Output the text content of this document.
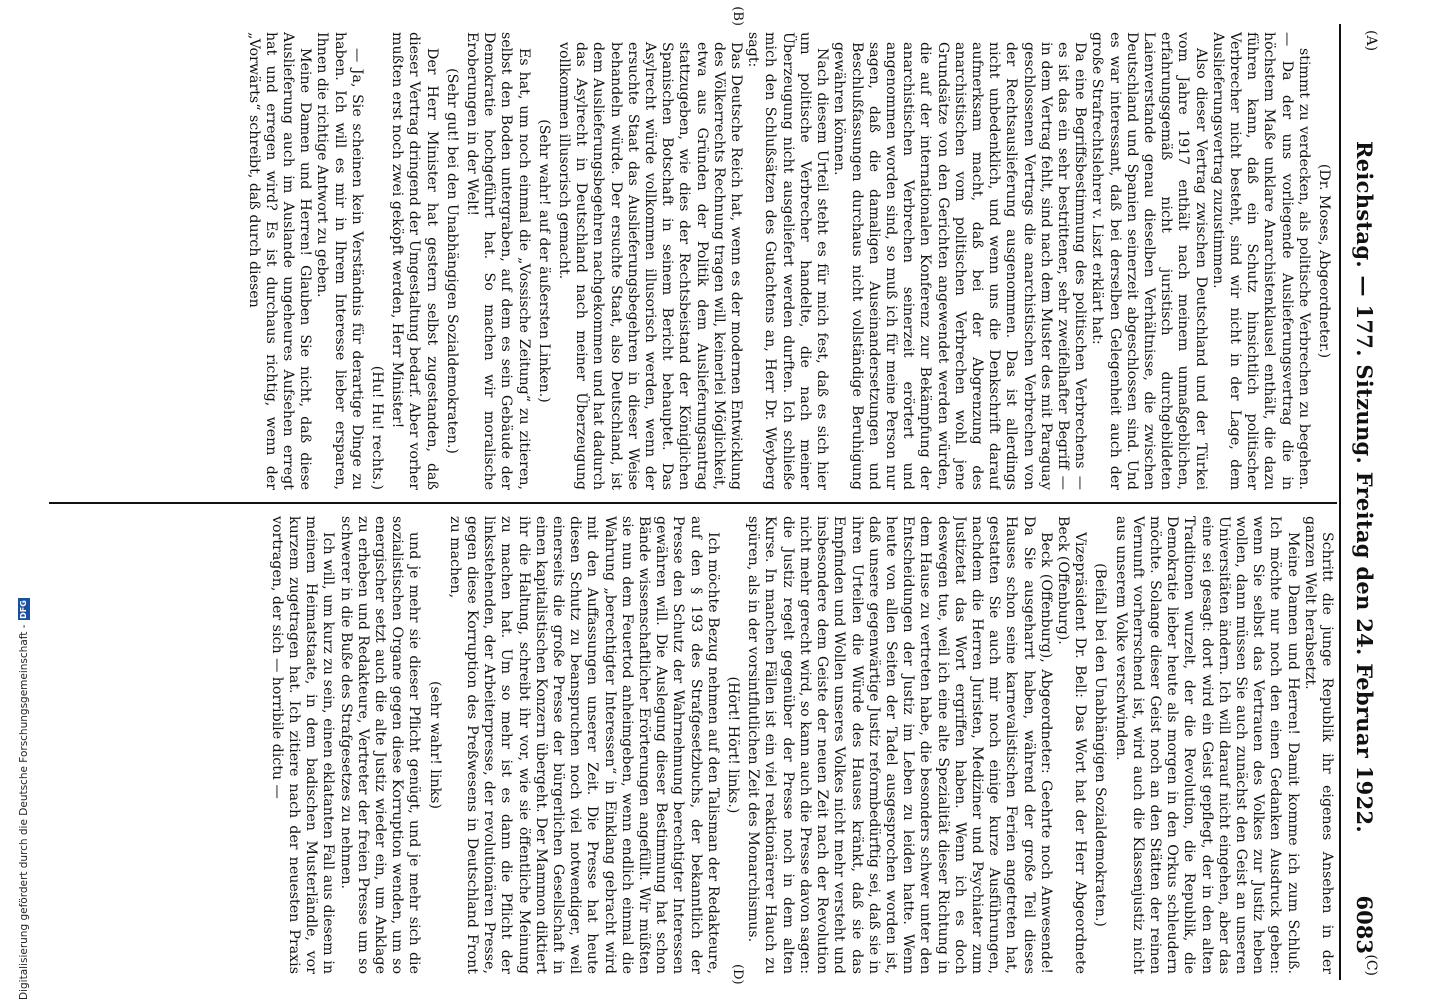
(A)
Reichstag. — 177. Sitzung. Freitag den 24. Februar 1922.
6083
(C)
(B)
(D)
(Dr. Moses, Abgeordneter.)

stimmt zu verdecken, als politische Verbrechen zu begehen. — Da der uns vorliegende Auslieferungsvertrag die in höchstem Maße unklare Anarchistenklausel enthält, die dazu führen kann, daß ein Schutz hinsichtlich politischer Verbrecher nicht besteht, sind wir nicht in der Lage, dem Auslieferungsvertrag zuzustimmen.

Also dieser Vertrag zwischen Deutschland und der Türkei vom Jahre 1917 enthält nach meinem unmaßgeblichen, erfahrungsgemäß nicht juristisch durchgebildeten Laienverstande genau dieselben Verhältnisse, die zwischen Deutschland und Spanien seinerzeit abgeschlossen sind. Und es war interessant, daß bei derselben Gelegenheit auch der große Strafrechtslehrer v. Liszt erklärt hat:

Da eine Begriffsbestimmung des politischen Verbrechens — es ist das ein sehr bestrittener, sehr zweifelhafter Begriff — in dem Vertrag fehlt, sind nach dem Muster des mit Paraguay geschlossenen Vertrags die anarchistischen Verbrechen von der Rechtsauslieferung ausgenommen. Das ist allerdings nicht unbedenklich, und wenn uns die Denkschrift darauf aufmerksam macht, daß bei der Abgrenzung des anarchistischen vom politischen Verbrechen wohl jene Grundsätze von den Gerichten angewendet werden würden, die auf der internationalen Konferenz zur Bekämpfung der anarchistischen Verbrechen seinerzeit erörtert und angenommen worden sind, so muß ich für meine Person nur sagen, daß die damaligen Auseinandersetzungen und Beschlußfassungen durchaus nicht vollständige Beruhigung gewähren können.

Nach diesem Urteil steht es für mich fest, daß es sich hier um politische Verbrecher handelte, die nach meiner Überzeugung nicht ausgeliefert werden durften. Ich schließe mich den Schlußsätzen des Gutachtens an, Herr Dr. Weyberg sagt:

Das Deutsche Reich hat, wenn es der modernen Entwicklung des Völkerrechts Rechnung tragen will, keinerlei Möglichkeit, etwa aus Gründen der Politik dem Auslieferungsantrag stattzugeben, wie dies der Rechtsbeistand der Königlichen Spanischen Botschaft in seinem Bericht behauptet. Das Asylrecht würde vollkommen illusorisch werden, wenn der ersuchte Staat das Auslieferungsbegehren in dieser Weise behandeln würde. Der ersuchte Staat, also Deutschland, ist dem Auslieferungsbegehren nachgekommen und hat dadurch das Asylrecht in Deutschland nach meiner Überzeugung vollkommen illusorisch gemacht.

(Sehr wahr! auf der äußersten Linken.)

Es hat, um noch einmal die „Vossische Zeitung“ zu zitieren, selbst den Boden untergraben, auf dem es sein Gebäude der Demokratie hochgeführt hat. So machen wir moralische Eroberungen in der Welt!

(Sehr gut! bei den Unabhängigen Sozialdemokraten.)

Der Herr Minister hat gestern selbst zugestanden, daß dieser Vertrag dringend der Umgestaltung bedarf. Aber vorher mußten erst noch zwei geköpft werden, Herr Minister!

(Hu! Hu! rechts.)

— Ja, Sie scheinen kein Verständnis für derartige Dinge zu haben. Ich will es mir in Ihrem Interesse lieber ersparen, Ihnen die richtige Antwort zu geben.

Meine Damen und Herren! Glauben Sie nicht, daß diese Auslieferung auch im Auslande ungeheures Aufsehen erregt hat und erregen wird? Es ist durchaus richtig, wenn der „Vorwärts“ schreibt, daß durch diesen

Schritt die junge Republik ihr eigenes Ansehen in der ganzen Welt herabsetzt.

Meine Damen und Herren! Damit komme ich zum Schluß. Ich möchte nur noch den einen Gedanken Ausdruck geben: wenn Sie selbst das Vertrauen des Volkes zur Justiz heben wollen, dann müssen Sie auch zunächst den Geist an unseren Universitäten ändern. Ich will darauf nicht eingehen, aber das eine sei gesagt: dort wird ein Geist gepflegt, der in den alten Traditionen wurzelt, der die Revolution, die Republik, die Demokratie lieber heute als morgen in den Orkus schleudern möchte. Solange dieser Geist noch an den Stätten der reinen Vernunft vorherrschend ist, wird auch die Klassenjustiz nicht aus unserem Volke verschwinden.

(Beifall bei den Unabhängigen Sozialdemokraten.)

Vizepräsident Dr. Bell: Das Wort hat der Herr Abgeordnete Beck (Offenburg).

Beck (Offenburg), Abgeordneter: Geehrte noch Anwesende! Da Sie ausgeharrt haben, während der große Teil dieses Hauses schon seine karnevalistischen Ferien angetreten hat, gestatten Sie auch mir noch einige kurze Ausführungen, nachdem die Herren Juristen, Mediziner und Psychiater zum Justizetat das Wort ergriffen haben. Wenn ich es doch deswegen tue, weil ich eine alte Spezialität dieser Richtung in dem Hause zu vertreten habe, die besonders schwer unter den Entscheidungen der Justiz im Leben zu leiden hatte. Wenn heute von allen Seiten der Tadel ausgesprochen worden ist, daß unsere gegenwärtige Justiz reformbedürftig sei, daß sie in ihren Urteilen die Würde des Hauses kränkt, daß sie das Empfinden und Wollen unseres Volkes nicht mehr versteht und insbesondere dem Geiste der neuen Zeit nach der Revolution nicht mehr gerecht wird, so kann auch die Presse davon sagen: die Justiz regelt gegenüber der Presse noch in dem alten Kurse. In manchen Fällen ist ein viel reaktionärerer Hauch zu spüren, als in der vorsintflutlichen Zeit des Monarchismus.

(Hört! Hört! links.)

Ich möchte Bezug nehmen auf den Talisman der Redakteure, auf den § 193 des Strafgesetzbuchs, der bekanntlich der Presse den Schutz der Wahrnehmung berechtigter Interessen gewähren will. Die Auslegung dieser Bestimmung hat schon Bände wissenschaftlicher Erörterungen angefüllt. Wir müßten sie nun dem Feuertod anheimgeben, wenn endlich einmal die Wahrung „berechtigter Interessen“ in Einklang gebracht wird mit den Auffassungen unserer Zeit. Die Presse hat heute diesen Schutz zu beanspruchen noch viel notwendiger, weil einerseits die große Presse der bürgerlichen Gesellschaft in einen kapitalistischen Konzern übergeht. Der Mammon diktiert ihr die Haltung, schreibt ihr vor, wie sie öffentliche Meinung zu machen hat. Um so mehr ist es dann die Pflicht der linksstehenden, der Arbeiterpresse, der revolutionären Presse, gegen diese Korruption des Preßwesens in Deutschland Front zu machen,

(sehr wahr! links)

und je mehr sie dieser Pflicht genügt, und je mehr sich die sozialistischen Organe gegen diese Korruption wenden, um so energischer setzt auch die alte Justiz wieder ein, um Anklage zu erheben und Redakteure, Vertreter der freien Presse um so schwerer in die Buße des Strafgesetzes zu nehmen.

Ich will, um kurz zu sein, einen eklatanten Fall aus diesem in meinem Heimatstaate, in dem badischen Musterländle, vor kurzem zugetragen hat. Ich zitiere nach der neuesten Praxis vortragen, der sich — horribile dictu —

Digitalisierung gefördert durch die Deutsche Forschungsgemeinschaft -
DFG
